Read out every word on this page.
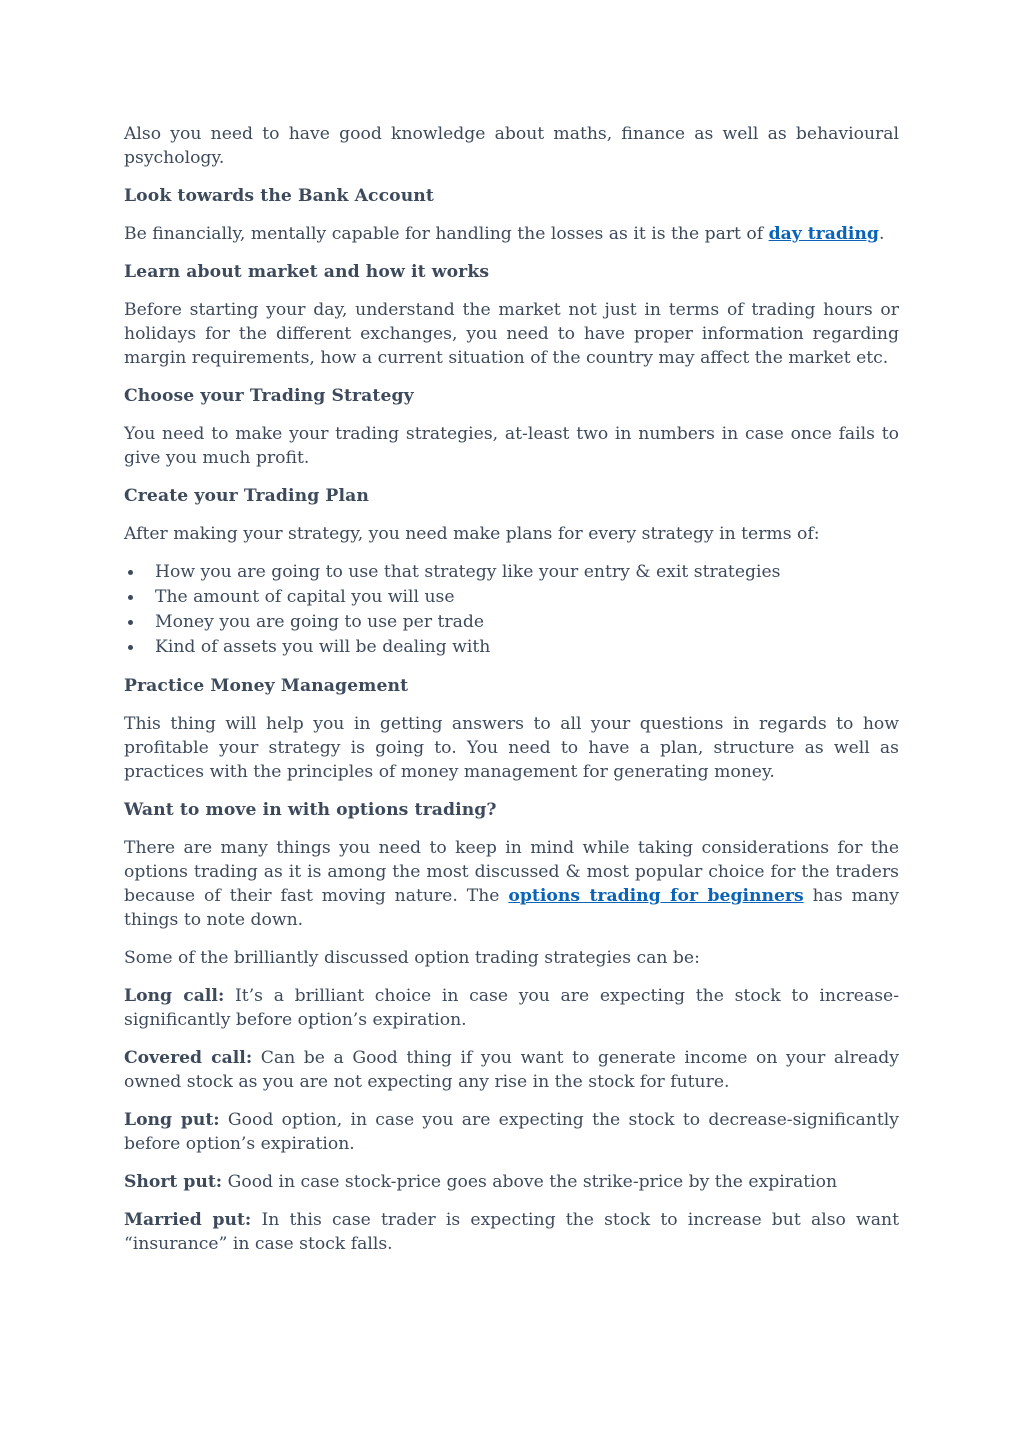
Also you need to have good knowledge about maths, finance as well as behavioural psychology.

Look towards the Bank Account

Be financially, mentally capable for handling the losses as it is the part of day trading.

Learn about market and how it works

Before starting your day, understand the market not just in terms of trading hours or holidays for the different exchanges, you need to have proper information regarding margin requirements, how a current situation of the country may affect the market etc.

Choose your Trading Strategy

You need to make your trading strategies, at-least two in numbers in case once fails to give you much profit.

Create your Trading Plan

After making your strategy, you need make plans for every strategy in terms of:

How you are going to use that strategy like your entry & exit strategies
The amount of capital you will use
Money you are going to use per trade
Kind of assets you will be dealing with

Practice Money Management

This thing will help you in getting answers to all your questions in regards to how profitable your strategy is going to. You need to have a plan, structure as well as practices with the principles of money management for generating money.

Want to move in with options trading?

There are many things you need to keep in mind while taking considerations for the options trading as it is among the most discussed & most popular choice for the traders because of their fast moving nature. The options trading for beginners has many things to note down.

Some of the brilliantly discussed option trading strategies can be:

Long call: It’s a brilliant choice in case you are expecting the stock to increase-significantly before option’s expiration.

Covered call: Can be a Good thing if you want to generate income on your already owned stock as you are not expecting any rise in the stock for future.

Long put: Good option, in case you are expecting the stock to decrease-significantly before option’s expiration.

Short put: Good in case stock-price goes above the strike-price by the expiration

Married put: In this case trader is expecting the stock to increase but also want “insurance” in case stock falls.
